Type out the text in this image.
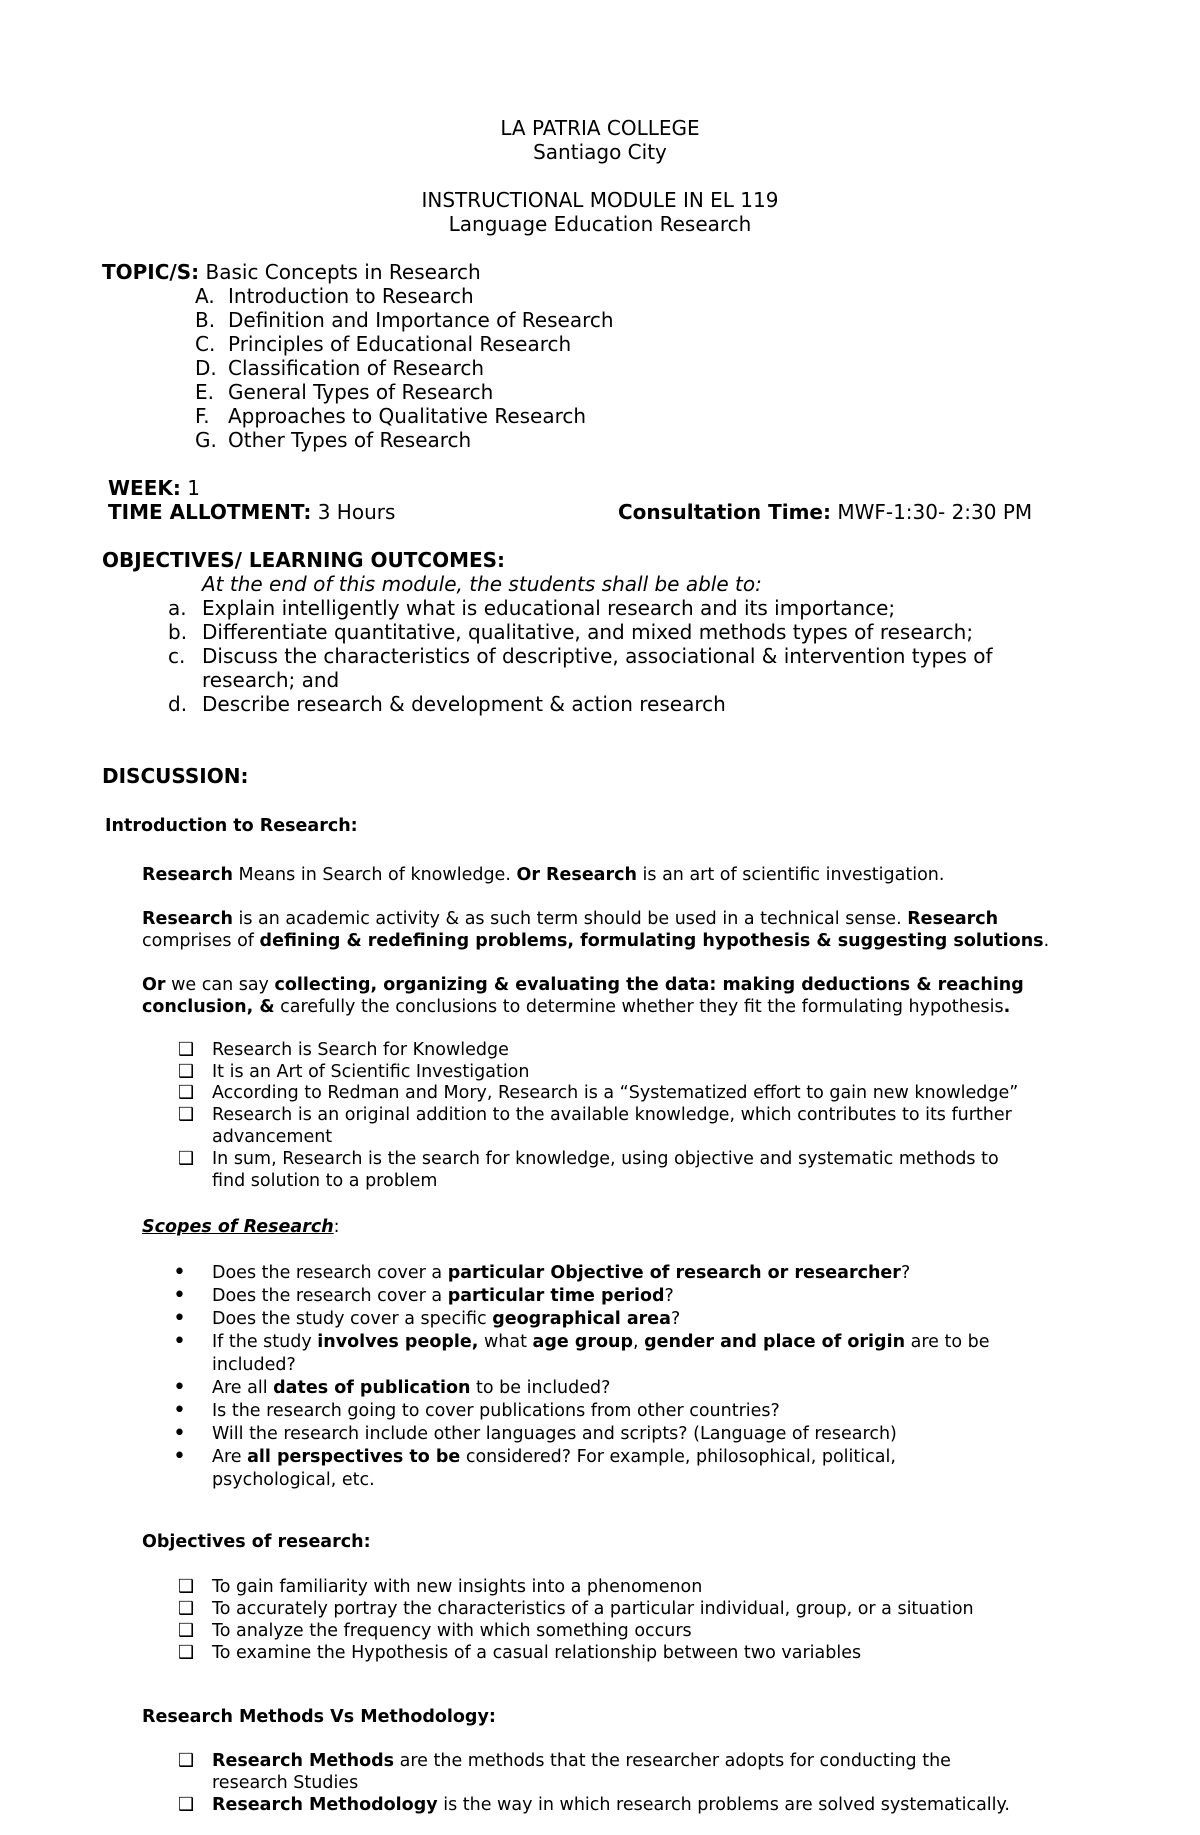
LA PATRIA COLLEGE
Santiago City
INSTRUCTIONAL MODULE IN EL 119
Language Education Research
TOPIC/S: Basic Concepts in Research
A. Introduction to Research
B. Definition and Importance of Research
C. Principles of Educational Research
D. Classification of Research
E. General Types of Research
F. Approaches to Qualitative Research
G. Other Types of Research
WEEK: 1
TIME ALLOTMENT: 3 Hours	Consultation Time: MWF-1:30- 2:30 PM
OBJECTIVES/ LEARNING OUTCOMES:
At the end of this module, the students shall be able to:
a. Explain intelligently what is educational research and its importance;
b. Differentiate quantitative, qualitative, and mixed methods types of research;
c. Discuss the characteristics of descriptive, associational & intervention types of
research; and
d. Describe research & development & action research
DISCUSSION:
Introduction to Research:
Research Means in Search of knowledge. Or Research is an art of scientific investigation.
Research is an academic activity & as such term should be used in a technical sense. Research
comprises of defining & redefining problems, formulating hypothesis & suggesting solutions.
Or we can say collecting, organizing & evaluating the data: making deductions & reaching
conclusion, & carefully the conclusions to determine whether they fit the formulating hypothesis.
❑ Research is Search for Knowledge
❑ It is an Art of Scientific Investigation
❑ According to Redman and Mory, Research is a “Systematized effort to gain new knowledge”
❑ Research is an original addition to the available knowledge, which contributes to its further
advancement
❑ In sum, Research is the search for knowledge, using objective and systematic methods to
find solution to a problem
Scopes of Research:
• Does the research cover a particular Objective of research or researcher?
• Does the research cover a particular time period?
• Does the study cover a specific geographical area?
• If the study involves people, what age group, gender and place of origin are to be
included?
• Are all dates of publication to be included?
• Is the research going to cover publications from other countries?
• Will the research include other languages and scripts? (Language of research)
• Are all perspectives to be considered? For example, philosophical, political,
psychological, etc.
Objectives of research:
❑ To gain familiarity with new insights into a phenomenon
❑ To accurately portray the characteristics of a particular individual, group, or a situation
❑ To analyze the frequency with which something occurs
❑ To examine the Hypothesis of a casual relationship between two variables
Research Methods Vs Methodology:
❑ Research Methods are the methods that the researcher adopts for conducting the
research Studies
❑ Research Methodology is the way in which research problems are solved systematically.
